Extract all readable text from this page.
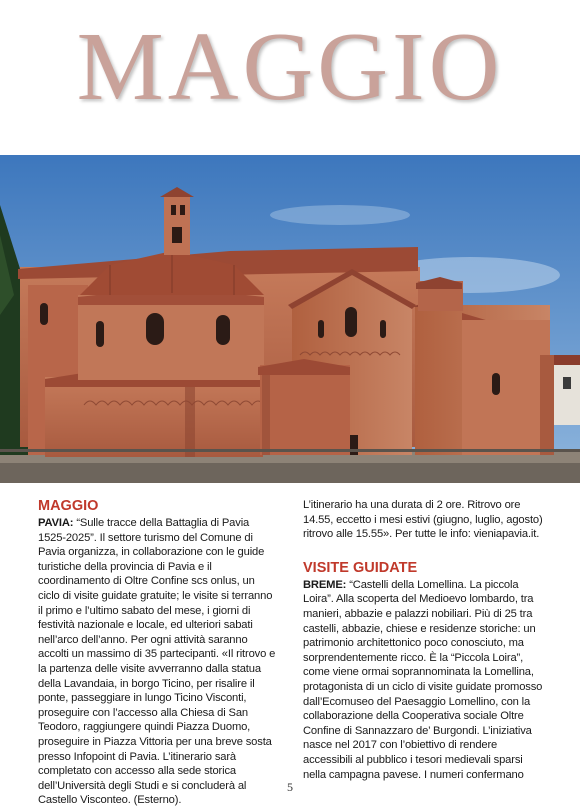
MAGGIO
MAGGIO

PAVIA: “Sulle tracce della Battaglia di Pavia 1525-2025”. Il settore turismo del Comune di Pavia organizza, in collaborazione con le guide turistiche della provincia di Pavia e il coordinamento di Oltre Confine scs onlus, un ciclo di visite guidate gratuite; le visite si terranno il primo e l’ultimo sabato del mese, i giorni di festività nazionale e locale, ed ulteriori sabati nell’arco dell’anno. Per ogni attività saranno accolti un massimo di 35 partecipanti. «Il ritrovo e la partenza delle visite avverranno dalla statua della Lavandaia, in borgo Ticino, per risalire il ponte, passeggiare in lungo Ticino Visconti, proseguire con l’accesso alla Chiesa di San Teodoro, raggiungere quindi Piazza Duomo, proseguire in Piazza Vittoria per una breve sosta presso Infopoint di Pavia. L’itinerario sarà completato con accesso alla sede storica dell’Università degli Studi e si concluderà al Castello Visconteo. (Esterno).

L’itinerario ha una durata di 2 ore. Ritrovo ore 14.55, eccetto i mesi estivi (giugno, luglio, agosto) ritrovo alle 15.55». Per tutte le info: vieniapavia.it.

VISITE GUIDATE

BREME: “Castelli della Lomellina. La piccola Loira”. Alla scoperta del Medioevo lombardo, tra manieri, abbazie e palazzi nobiliari. Più di 25 tra castelli, abbazie, chiese e residenze storiche: un patrimonio architettonico poco conosciuto, ma sorprendentemente ricco. È la “Piccola Loira”, come viene ormai soprannominata la Lomellina, protagonista di un ciclo di visite guidate promosso dall’Ecomuseo del Paesaggio Lomellino, con la collaborazione della Cooperativa sociale Oltre Confine di Sannazzaro de’ Burgondi. L’iniziativa nasce nel 2017 con l’obiettivo di rendere accessibili al pubblico i tesori medievali sparsi nella campagna pavese. I numeri confermano

5
